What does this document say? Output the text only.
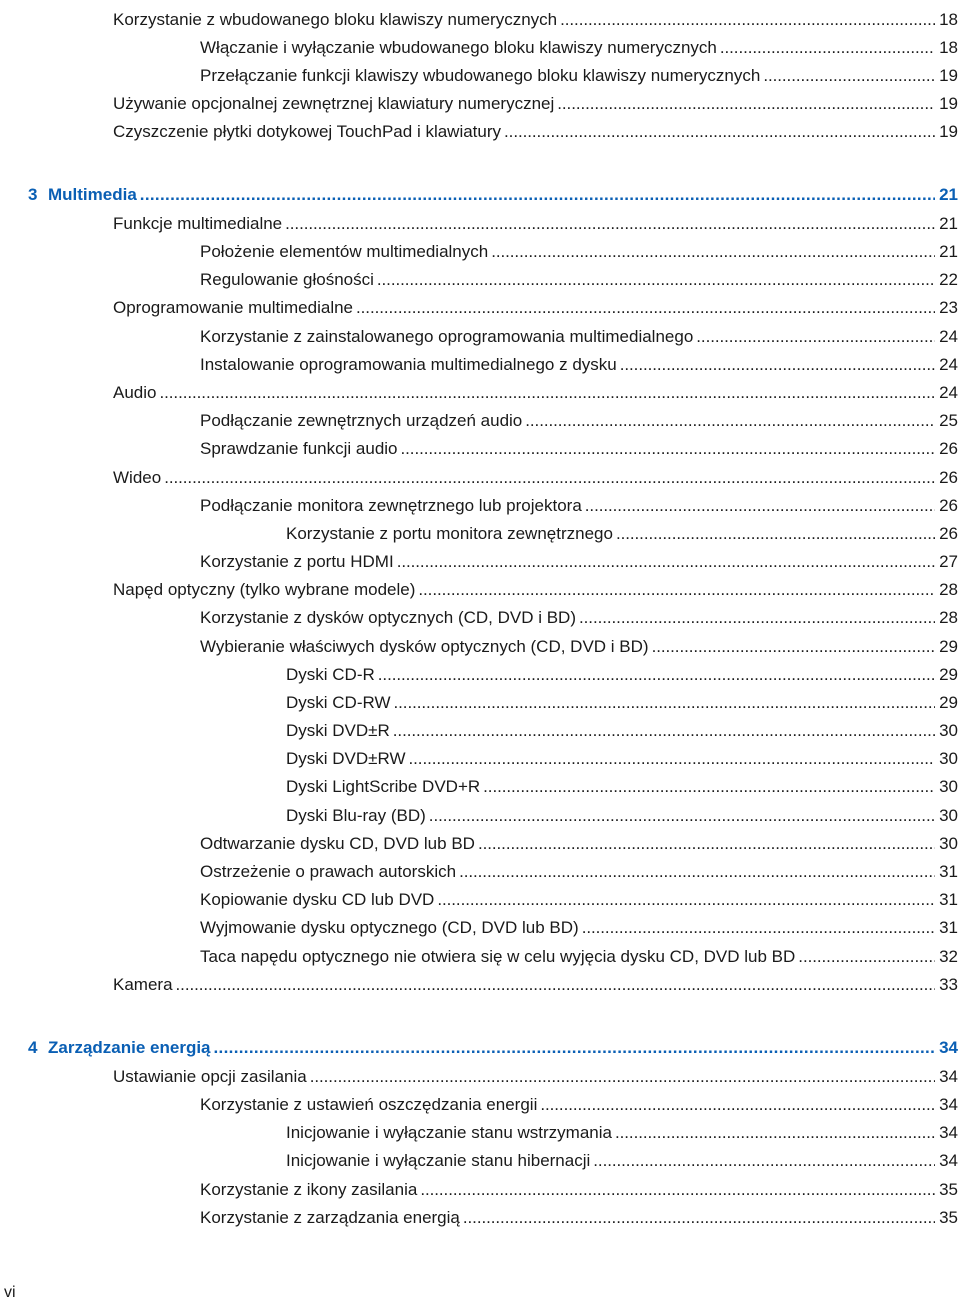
Korzystanie z wbudowanego bloku klawiszy numerycznych . . .	18
Włączanie i wyłączanie wbudowanego bloku klawiszy numerycznych . . .	18
Przełączanie funkcji klawiszy wbudowanego bloku klawiszy numerycznych . . .	19
Używanie opcjonalnej zewnętrznej klawiatury numerycznej . . .	19
Czyszczenie płytki dotykowej TouchPad i klawiatury . . .	19
3 Multimedia . . .	21
Funkcje multimedialne . . .	21
Położenie elementów multimedialnych . . .	21
Regulowanie głośności . . .	22
Oprogramowanie multimedialne . . .	23
Korzystanie z zainstalowanego oprogramowania multimedialnego . . .	24
Instalowanie oprogramowania multimedialnego z dysku . . .	24
Audio . . .	24
Podłączanie zewnętrznych urządzeń audio . . .	25
Sprawdzanie funkcji audio . . .	26
Wideo . . .	26
Podłączanie monitora zewnętrznego lub projektora . . .	26
Korzystanie z portu monitora zewnętrznego . . .	26
Korzystanie z portu HDMI . . .	27
Napęd optyczny (tylko wybrane modele) . . .	28
Korzystanie z dysków optycznych (CD, DVD i BD) . . .	28
Wybieranie właściwych dysków optycznych (CD, DVD i BD) . . .	29
Dyski CD-R . . .	29
Dyski CD-RW . . .	29
Dyski DVD±R . . .	30
Dyski DVD±RW . . .	30
Dyski LightScribe DVD+R . . .	30
Dyski Blu-ray (BD) . . .	30
Odtwarzanie dysku CD, DVD lub BD . . .	30
Ostrzeżenie o prawach autorskich . . .	31
Kopiowanie dysku CD lub DVD . . .	31
Wyjmowanie dysku optycznego (CD, DVD lub BD) . . .	31
Taca napędu optycznego nie otwiera się w celu wyjęcia dysku CD, DVD lub BD . . .	32
Kamera . . .	33
4 Zarządzanie energią . . .	34
Ustawianie opcji zasilania . . .	34
Korzystanie z ustawień oszczędzania energii . . .	34
Inicjowanie i wyłączanie stanu wstrzymania . . .	34
Inicjowanie i wyłączanie stanu hibernacji . . .	34
Korzystanie z ikony zasilania . . .	35
Korzystanie z zarządzania energią . . .	35
vi
